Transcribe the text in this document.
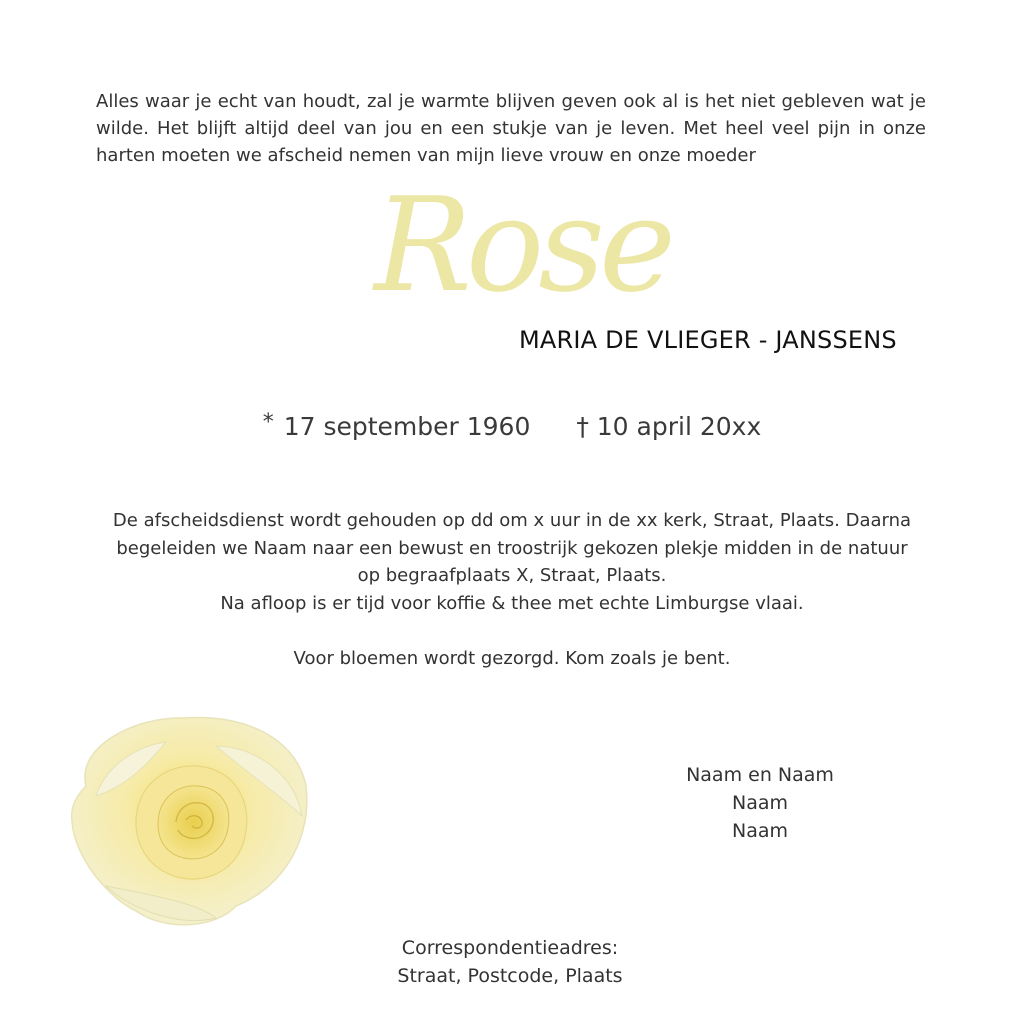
Alles waar je echt van houdt, zal je warmte blijven geven ook al is het niet gebleven wat je wilde. Het blijft altijd deel van jou en een stukje van je leven. Met heel veel pijn in onze harten moeten we afscheid nemen van mijn lieve vrouw en onze moeder

Rose

MARIA DE VLIEGER - JANSSENS

* 17 september 1960 † 10 april 20xx

De afscheidsdienst wordt gehouden op dd om x uur in de xx kerk, Straat, Plaats. Daarna

begeleiden we Naam naar een bewust en troostrijk gekozen plekje midden in de natuur

op begraafplaats X, Straat, Plaats.

Na afloop is er tijd voor koffie & thee met echte Limburgse vlaai.

Voor bloemen wordt gezorgd. Kom zoals je bent.

Naam en Naam
Naam
Naam
Correspondentieadres:
Straat, Postcode, Plaats
